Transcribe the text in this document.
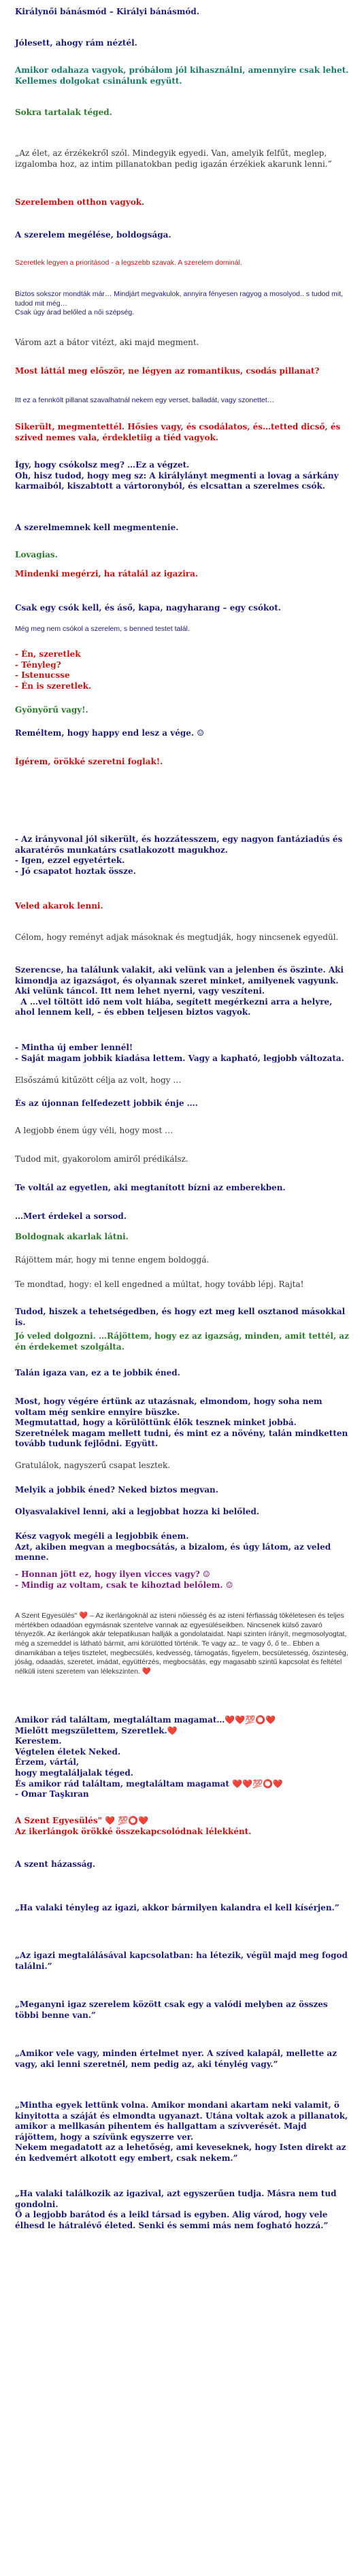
Királynői bánásmód – Királyi bánásmód.
Jólesett, ahogy rám néztél.
Amikor odahaza vagyok, próbálom jól kihasználni, amennyire csak lehet.
Kellemes dolgokat csinálunk együtt.
Sokra tartalak téged.
„Az élet, az érzékekről szól. Mindegyik egyedi. Van, amelyik felfűt, meglep, izgalomba hoz, az intim pillanatokban pedig igazán érzékiek akarunk lenni.”
Szerelemben otthon vagyok.
A szerelem megélése, boldogsága.
Szeretlek legyen a prioritásod - a legszebb szavak. A szerelem dominál.
Biztos sokszor mondták már… Mindjárt megvakulok, annyira fényesen ragyog a mosolyod.. s tudod mit, tudod mit még…
Csak úgy árad belőled a női szépség.
Várom azt a bátor vitézt, aki majd megment.
Most láttál meg először, ne légyen az romantikus, csodás pillanat?
Itt ez a fennkölt pillanat szavalhatnál nekem egy verset, balladát, vagy szonettet…
Sikerült, megmentettél. Hősies vagy, és csodálatos, és…tetted dicső, és szived nemes vala, érdekletiig a tiéd vagyok.
Így, hogy csókolsz meg? …Ez a végzet.
Oh, hisz tudod, hogy meg sz: A királylányt megmenti a lovag a sárkány karmaiból, kiszabtott a vártoronyból, és elcsattan a szerelmes csók.
A szerelmemnek kell megmentenie.
Lovagias.
Mindenki megérzi, ha rátalál az igazira.
Csak egy csók kell, és áső, kapa, nagyharang – egy csókot.
Még meg nem csókol a szerelem, s benned testet talál.
- Én, szeretlek
- Tényleg?
- Istenucsse
- Én is szeretlek.
Gyönyörű vagy!.
Reméltem, hogy happy end lesz a vége. ☺
Ígérem, örökké szeretni foglak!.
- Az irányvonal jól sikerült, és hozzátesszem, egy nagyon fantáziadús és akaratérős munkatárs csatlakozott magukhoz.
- Igen, ezzel egyetértek.
- Jó csapatot hoztak össze.
Veled akarok lenni.
Célom, hogy reményt adjak másoknak és megtudják, hogy nincsenek egyedül.
Szerencse, ha találunk valakit, aki velünk van a jelenben és öszinte. Aki kimondja az igazságot, és olyannak szeret minket, amilyenek vagyunk. Aki velünk táncol. Itt nem lehet nyerni, vagy veszíteni.
A …vel töltött idő nem volt hiába, segített megérkezni arra a helyre, ahol lennem kell, – és ebben teljesen biztos vagyok.
- Mintha új ember lennél!
- Saját magam jobbik kiadása lettem. Vagy a kapható, legjobb változata.
Elsőszámú kitűzött célja az volt, hogy …
És az újonnan felfedezett jobbik énje ….
A legjobb énem úgy véli, hogy most …
Tudod mit, gyakorolom amiről prédikálsz.
Te voltál az egyetlen, aki megtanított bízni az emberekben.
…Mert érdekel a sorsod.
Boldognak akarlak látni.
Rájöttem már, hogy mi tenne engem boldoggá.
Te mondtad, hogy: el kell engedned a múltat, hogy tovább lépj. Rajta!
Tudod, hiszek a tehetségedben, és hogy ezt meg kell osztanod másokkal is.
Jó veled dolgozni. …Rájöttem, hogy ez az igazság, minden, amit tettél, az én érdekemet szolgálta.
Talán igaza van, ez a te jobbik éned.
Most, hogy végére értünk az utazásnak, elmondom, hogy soha nem voltam még senkire ennyire büszke.
Megmutattad, hogy a körülöttünk élők tesznek minket jobbá.
Szeretnélek magam mellett tudni, és mint ez a növény, talán mindketten tovább tudunk fejlődni. Együtt.
Gratulálok, nagyszerű csapat lesztek.
Melyik a jobbik éned? Neked biztos megvan.
Olyasvalakivel lenni, aki a legjobbat hozza ki belőled.
Kész vagyok megéli a legjobbik énem.
Azt, akiben megvan a megbocsátás, a bizalom, és úgy látom, az veled menne.
- Honnan jött ez, hogy ilyen vicces vagy? ☺
- Mindig az voltam, csak te kihoztad belőlem. ☺
A Szent Egyesülés" ❤️ – Az ikerlángoknál az isteni nőiesség és az isteni férfiasság tökéletesen és teljes mértékben odaadóan egymásnak szentelve vannak az egyesüléseikben. Nincsenek külső zavaró tényezők. Az ikerlángok akár telepatikusan hallják a gondolataidat. Napi szinten írányít, megmosolyogtat, még a szemeddel is látható bármit, ami körülötted történik. Te vagy az.. te vagy ő, ő te.. Ebben a dinamikában a teljes tisztelet, megbecsülés, kedvesség, támogatás, figyelem, becsületesség, őszinteség, jóság, odaadás, szeretet, imádat, együttérzés, megbocsátás, egy magasabb szintű kapcsolat és feltétel nélküli isteni szeretem van lélekszinten. ❤️
Amikor rád találtam, megtaláltam magamat…❤️❤️💯⭕❤️
Mielőtt megszülettem, Szeretlek.❤️
Kerestem.
Végtelen életek Neked.
Érzem, vártál,
hogy megtaláljalak téged.
És amikor rád találtam, megtaláltam magamat ❤️❤️💯⭕❤️
- Omar Taşkıran
A Szent Egyesülés" ❤️ 💯⭕❤️
Az ikerlángok örökké összekapcsolódnak lélekként.
A szent házasság.
„Ha valaki tényleg az igazi, akkor bármilyen kalandra el kell kísérjen.”
„Az igazi megtalálásával kapcsolatban: ha létezik, végül majd meg fogod találni.”
„Meganyni igaz szerelem között csak egy a valódi melyben az összes többi benne van.”
„Amikor vele vagy, minden értelmet nyer. A szíved kalapál, mellette az vagy, aki lenni szeretnél, nem pedig az, aki ténylég vagy.”
„Mintha egyek lettünk volna. Amikor mondani akartam neki valamit, ö kinyitotta a száját és elmondta ugyanazt. Utána voltak azok a pillanatok, amikor a mellkasán pihentem és hallgattam a szívverését. Majd rájöttem, hogy a szívünk egyszerre ver.
Nekem megadatott az a lehetőség, ami keveseknek, hogy Isten direkt az én kedvemért alkotott egy embert, csak nekem.”
„Ha valaki találkozik az igazival, azt egyszerűen tudja. Másra nem tud gondolni.
Ő a legjobb barátod és a leikl társad is egyben. Alig várod, hogy vele élhesd le hátralévő életed. Senki és semmi más nem fogható hozzá.”
